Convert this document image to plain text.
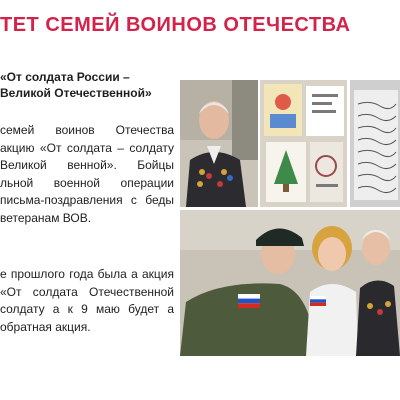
ТЕТ СЕМЕЙ ВОИНОВ ОТЕЧЕСТВА

«От солдата России – Великой Отечественной»

семей воинов Отечества акцию «От солдата – солдату Великой венной». Бойцы льной военной операции письма-поздравления с беды ветеранам ВОВ.

е прошлого года была а акция «От солдата Отечественной солдату а к 9 маю будет а обратная акция.
